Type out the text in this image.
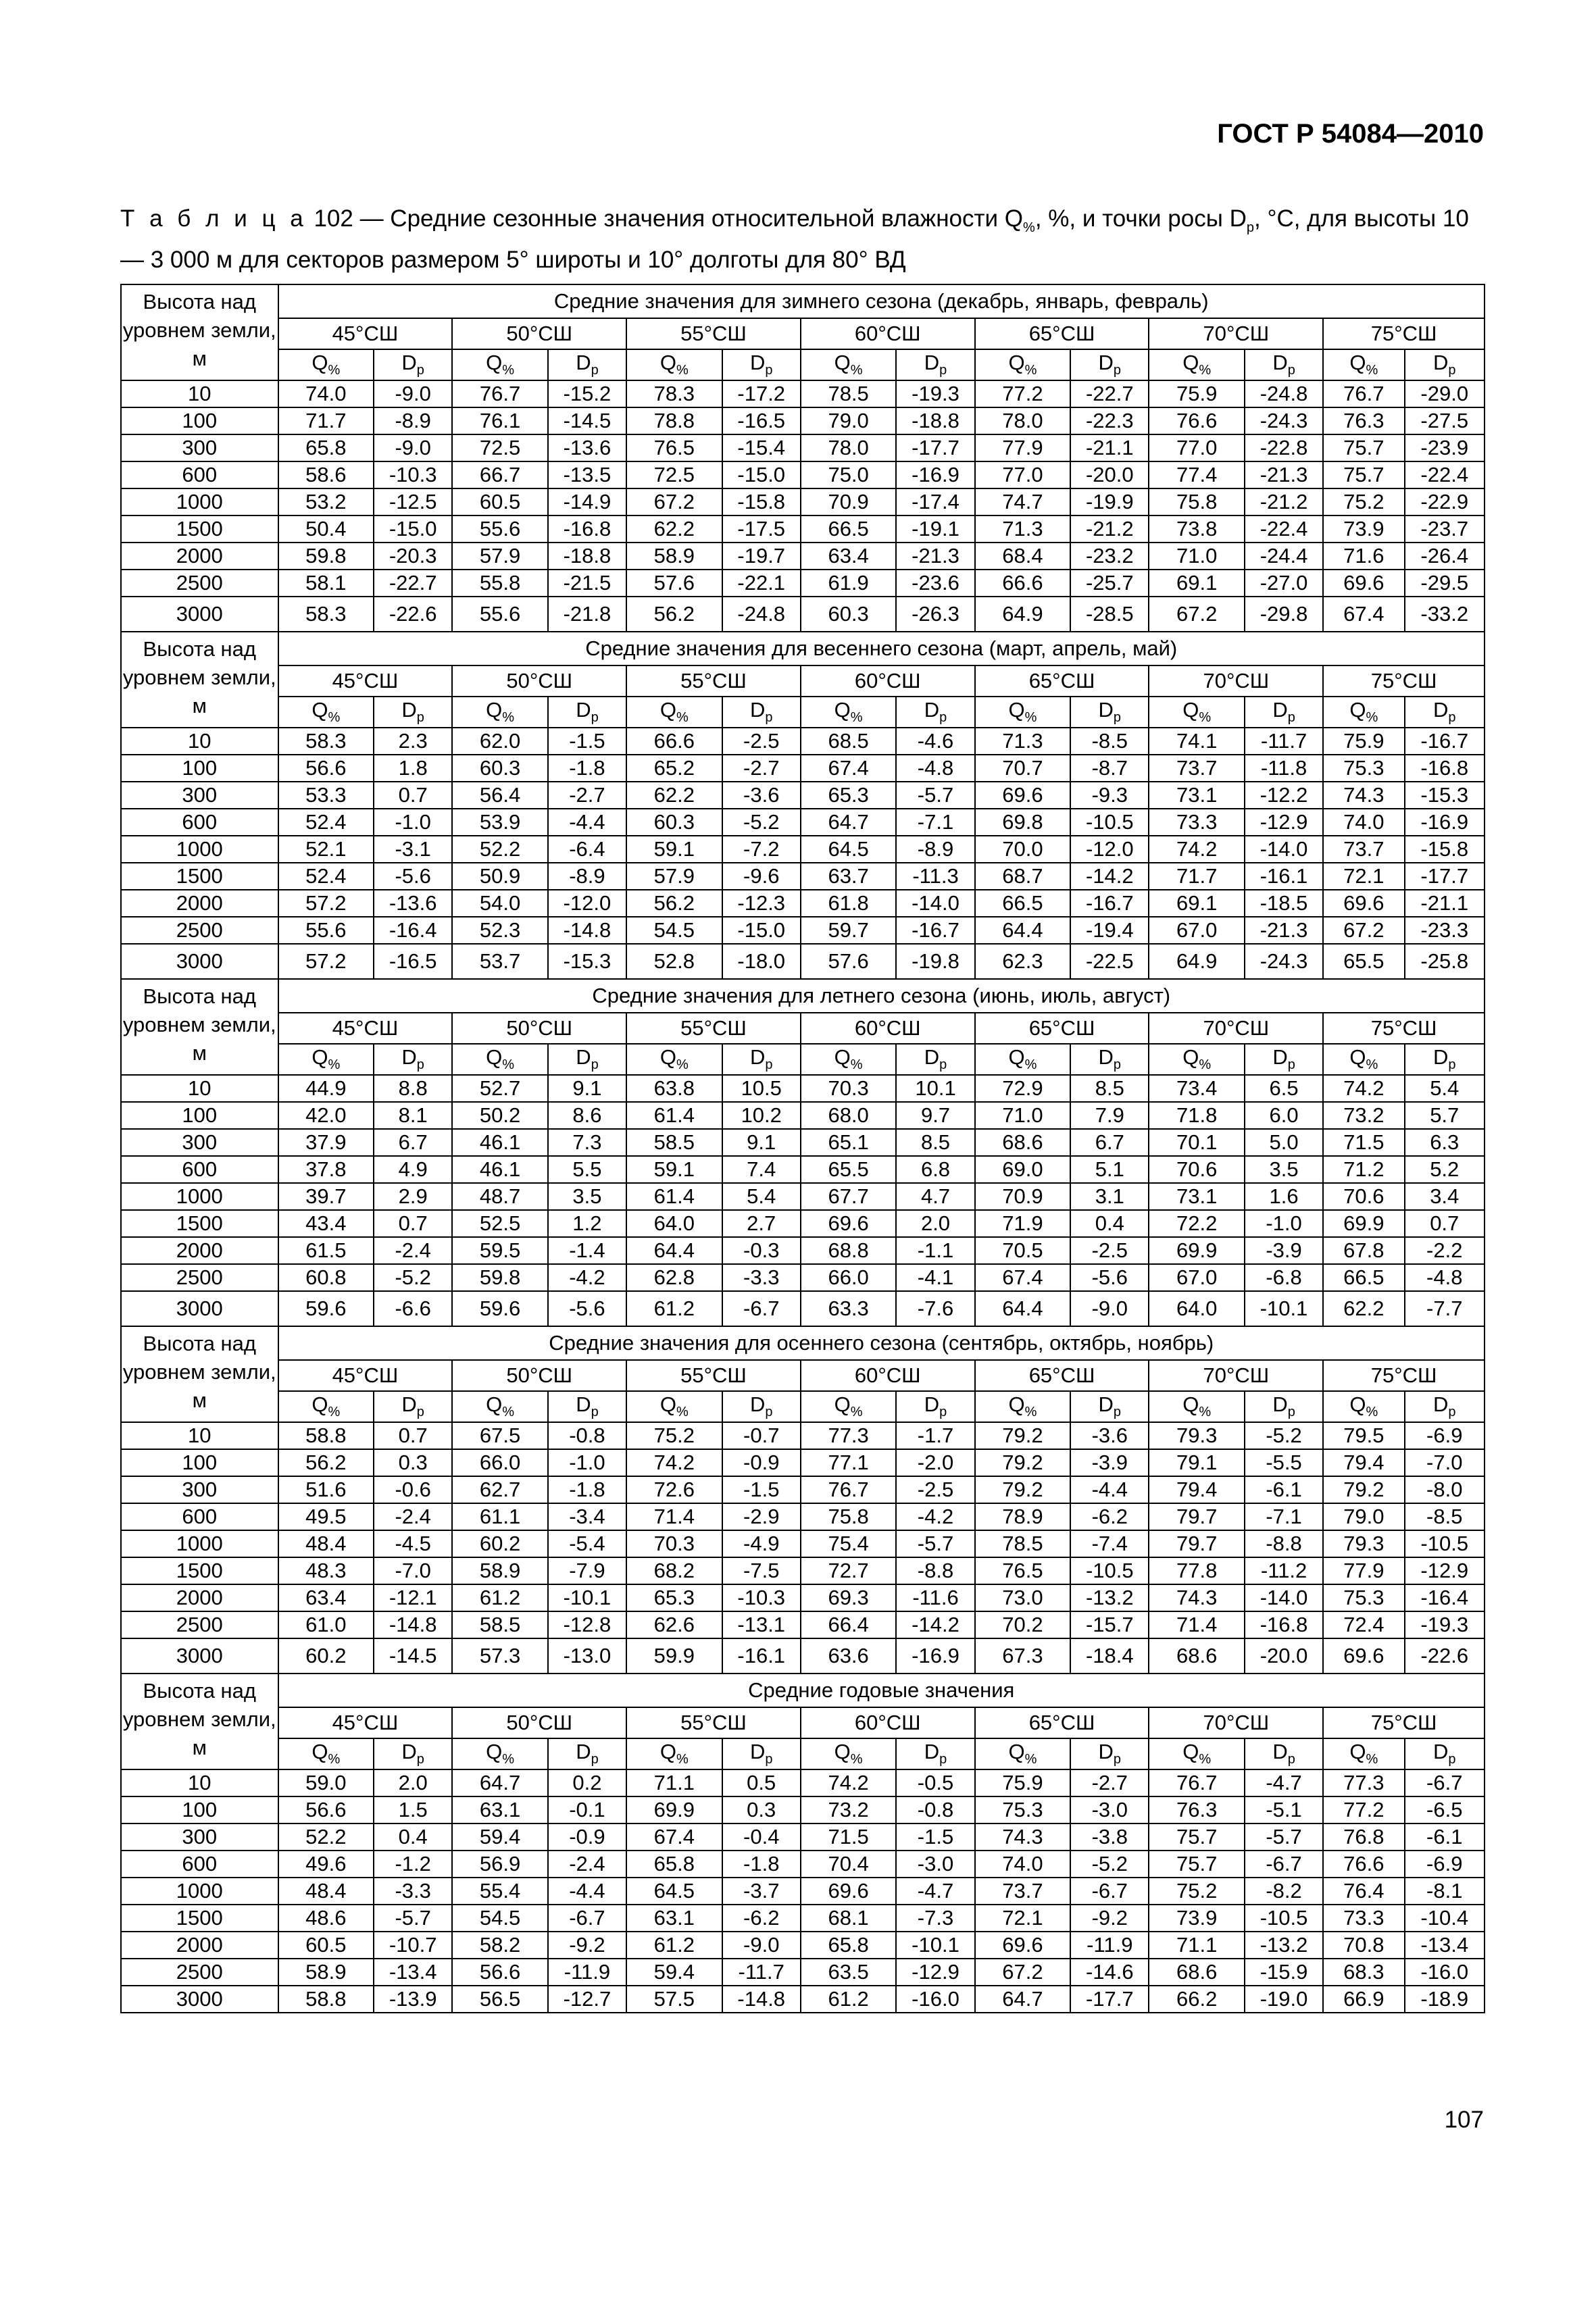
ГОСТ Р 54084—2010
Т а б л и ц а 102 — Средние сезонные значения относительной влажности $Q_{\%}$, %, и точки росы $D_p$, °С, для высоты 10 — 3 000 м для секторов размером 5° широты и 10° долготы для 80° ВД
Высота над уровнем земли, м	Средние значения для зимнего сезона (декабрь, январь, февраль)													
	45°СШ		50°СШ		55°СШ		60°СШ		65°СШ		70°СШ		75°СШ	
	$Q_{\%}$	$D_p$	$Q_{\%}$	$D_p$	$Q_{\%}$	$D_p$	$Q_{\%}$	$D_p$	$Q_{\%}$	$D_p$	$Q_{\%}$	$D_p$	$Q_{\%}$	$D_p$
10	74.0	-9.0	76.7	-15.2	78.3	-17.2	78.5	-19.3	77.2	-22.7	75.9	-24.8	76.7	-29.0
100	71.7	-8.9	76.1	-14.5	78.8	-16.5	79.0	-18.8	78.0	-22.3	76.6	-24.3	76.3	-27.5
300	65.8	-9.0	72.5	-13.6	76.5	-15.4	78.0	-17.7	77.9	-21.1	77.0	-22.8	75.7	-23.9
600	58.6	-10.3	66.7	-13.5	72.5	-15.0	75.0	-16.9	77.0	-20.0	77.4	-21.3	75.7	-22.4
1000	53.2	-12.5	60.5	-14.9	67.2	-15.8	70.9	-17.4	74.7	-19.9	75.8	-21.2	75.2	-22.9
1500	50.4	-15.0	55.6	-16.8	62.2	-17.5	66.5	-19.1	71.3	-21.2	73.8	-22.4	73.9	-23.7
2000	59.8	-20.3	57.9	-18.8	58.9	-19.7	63.4	-21.3	68.4	-23.2	71.0	-24.4	71.6	-26.4
2500	58.1	-22.7	55.8	-21.5	57.6	-22.1	61.9	-23.6	66.6	-25.7	69.1	-27.0	69.6	-29.5
3000	58.3	-22.6	55.6	-21.8	56.2	-24.8	60.3	-26.3	64.9	-28.5	67.2	-29.8	67.4	-33.2
Высота над уровнем земли, м	Средние значения для весеннего сезона (март, апрель, май)													
	45°СШ		50°СШ		55°СШ		60°СШ		65°СШ		70°СШ		75°СШ	
	$Q_{\%}$	$D_p$	$Q_{\%}$	$D_p$	$Q_{\%}$	$D_p$	$Q_{\%}$	$D_p$	$Q_{\%}$	$D_p$	$Q_{\%}$	$D_p$	$Q_{\%}$	$D_p$
10	58.3	2.3	62.0	-1.5	66.6	-2.5	68.5	-4.6	71.3	-8.5	74.1	-11.7	75.9	-16.7
100	56.6	1.8	60.3	-1.8	65.2	-2.7	67.4	-4.8	70.7	-8.7	73.7	-11.8	75.3	-16.8
300	53.3	0.7	56.4	-2.7	62.2	-3.6	65.3	-5.7	69.6	-9.3	73.1	-12.2	74.3	-15.3
600	52.4	-1.0	53.9	-4.4	60.3	-5.2	64.7	-7.1	69.8	-10.5	73.3	-12.9	74.0	-16.9
1000	52.1	-3.1	52.2	-6.4	59.1	-7.2	64.5	-8.9	70.0	-12.0	74.2	-14.0	73.7	-15.8
1500	52.4	-5.6	50.9	-8.9	57.9	-9.6	63.7	-11.3	68.7	-14.2	71.7	-16.1	72.1	-17.7
2000	57.2	-13.6	54.0	-12.0	56.2	-12.3	61.8	-14.0	66.5	-16.7	69.1	-18.5	69.6	-21.1
2500	55.6	-16.4	52.3	-14.8	54.5	-15.0	59.7	-16.7	64.4	-19.4	67.0	-21.3	67.2	-23.3
3000	57.2	-16.5	53.7	-15.3	52.8	-18.0	57.6	-19.8	62.3	-22.5	64.9	-24.3	65.5	-25.8
Высота над уровнем земли, м	Средние значения для летнего сезона (июнь, июль, август)													
	45°СШ		50°СШ		55°СШ		60°СШ		65°СШ		70°СШ		75°СШ	
	$Q_{\%}$	$D_p$	$Q_{\%}$	$D_p$	$Q_{\%}$	$D_p$	$Q_{\%}$	$D_p$	$Q_{\%}$	$D_p$	$Q_{\%}$	$D_p$	$Q_{\%}$	$D_p$
10	44.9	8.8	52.7	9.1	63.8	10.5	70.3	10.1	72.9	8.5	73.4	6.5	74.2	5.4
100	42.0	8.1	50.2	8.6	61.4	10.2	68.0	9.7	71.0	7.9	71.8	6.0	73.2	5.7
300	37.9	6.7	46.1	7.3	58.5	9.1	65.1	8.5	68.6	6.7	70.1	5.0	71.5	6.3
600	37.8	4.9	46.1	5.5	59.1	7.4	65.5	6.8	69.0	5.1	70.6	3.5	71.2	5.2
1000	39.7	2.9	48.7	3.5	61.4	5.4	67.7	4.7	70.9	3.1	73.1	1.6	70.6	3.4
1500	43.4	0.7	52.5	1.2	64.0	2.7	69.6	2.0	71.9	0.4	72.2	-1.0	69.9	0.7
2000	61.5	-2.4	59.5	-1.4	64.4	-0.3	68.8	-1.1	70.5	-2.5	69.9	-3.9	67.8	-2.2
2500	60.8	-5.2	59.8	-4.2	62.8	-3.3	66.0	-4.1	67.4	-5.6	67.0	-6.8	66.5	-4.8
3000	59.6	-6.6	59.6	-5.6	61.2	-6.7	63.3	-7.6	64.4	-9.0	64.0	-10.1	62.2	-7.7
Высота над уровнем земли, м	Средние значения для осеннего сезона (сентябрь, октябрь, ноябрь)													
	45°СШ		50°СШ		55°СШ		60°СШ		65°СШ		70°СШ		75°СШ	
	$Q_{\%}$	$D_p$	$Q_{\%}$	$D_p$	$Q_{\%}$	$D_p$	$Q_{\%}$	$D_p$	$Q_{\%}$	$D_p$	$Q_{\%}$	$D_p$	$Q_{\%}$	$D_p$
10	58.8	0.7	67.5	-0.8	75.2	-0.7	77.3	-1.7	79.2	-3.6	79.3	-5.2	79.5	-6.9
100	56.2	0.3	66.0	-1.0	74.2	-0.9	77.1	-2.0	79.2	-3.9	79.1	-5.5	79.4	-7.0
300	51.6	-0.6	62.7	-1.8	72.6	-1.5	76.7	-2.5	79.2	-4.4	79.4	-6.1	79.2	-8.0
600	49.5	-2.4	61.1	-3.4	71.4	-2.9	75.8	-4.2	78.9	-6.2	79.7	-7.1	79.0	-8.5
1000	48.4	-4.5	60.2	-5.4	70.3	-4.9	75.4	-5.7	78.5	-7.4	79.7	-8.8	79.3	-10.5
1500	48.3	-7.0	58.9	-7.9	68.2	-7.5	72.7	-8.8	76.5	-10.5	77.8	-11.2	77.9	-12.9
2000	63.4	-12.1	61.2	-10.1	65.3	-10.3	69.3	-11.6	73.0	-13.2	74.3	-14.0	75.3	-16.4
2500	61.0	-14.8	58.5	-12.8	62.6	-13.1	66.4	-14.2	70.2	-15.7	71.4	-16.8	72.4	-19.3
3000	60.2	-14.5	57.3	-13.0	59.9	-16.1	63.6	-16.9	67.3	-18.4	68.6	-20.0	69.6	-22.6
Высота над уровнем земли, м	Средние годовые значения													
	45°СШ		50°СШ		55°СШ		60°СШ		65°СШ		70°СШ		75°СШ	
	$Q_{\%}$	$D_p$	$Q_{\%}$	$D_p$	$Q_{\%}$	$D_p$	$Q_{\%}$	$D_p$	$Q_{\%}$	$D_p$	$Q_{\%}$	$D_p$	$Q_{\%}$	$D_p$
10	59.0	2.0	64.7	0.2	71.1	0.5	74.2	-0.5	75.9	-2.7	76.7	-4.7	77.3	-6.7
100	56.6	1.5	63.1	-0.1	69.9	0.3	73.2	-0.8	75.3	-3.0	76.3	-5.1	77.2	-6.5
300	52.2	0.4	59.4	-0.9	67.4	-0.4	71.5	-1.5	74.3	-3.8	75.7	-5.7	76.8	-6.1
600	49.6	-1.2	56.9	-2.4	65.8	-1.8	70.4	-3.0	74.0	-5.2	75.7	-6.7	76.6	-6.9
1000	48.4	-3.3	55.4	-4.4	64.5	-3.7	69.6	-4.7	73.7	-6.7	75.2	-8.2	76.4	-8.1
1500	48.6	-5.7	54.5	-6.7	63.1	-6.2	68.1	-7.3	72.1	-9.2	73.9	-10.5	73.3	-10.4
2000	60.5	-10.7	58.2	-9.2	61.2	-9.0	65.8	-10.1	69.6	-11.9	71.1	-13.2	70.8	-13.4
2500	58.9	-13.4	56.6	-11.9	59.4	-11.7	63.5	-12.9	67.2	-14.6	68.6	-15.9	68.3	-16.0
3000	58.8	-13.9	56.5	-12.7	57.5	-14.8	61.2	-16.0	64.7	-17.7	66.2	-19.0	66.9	-18.9
107
